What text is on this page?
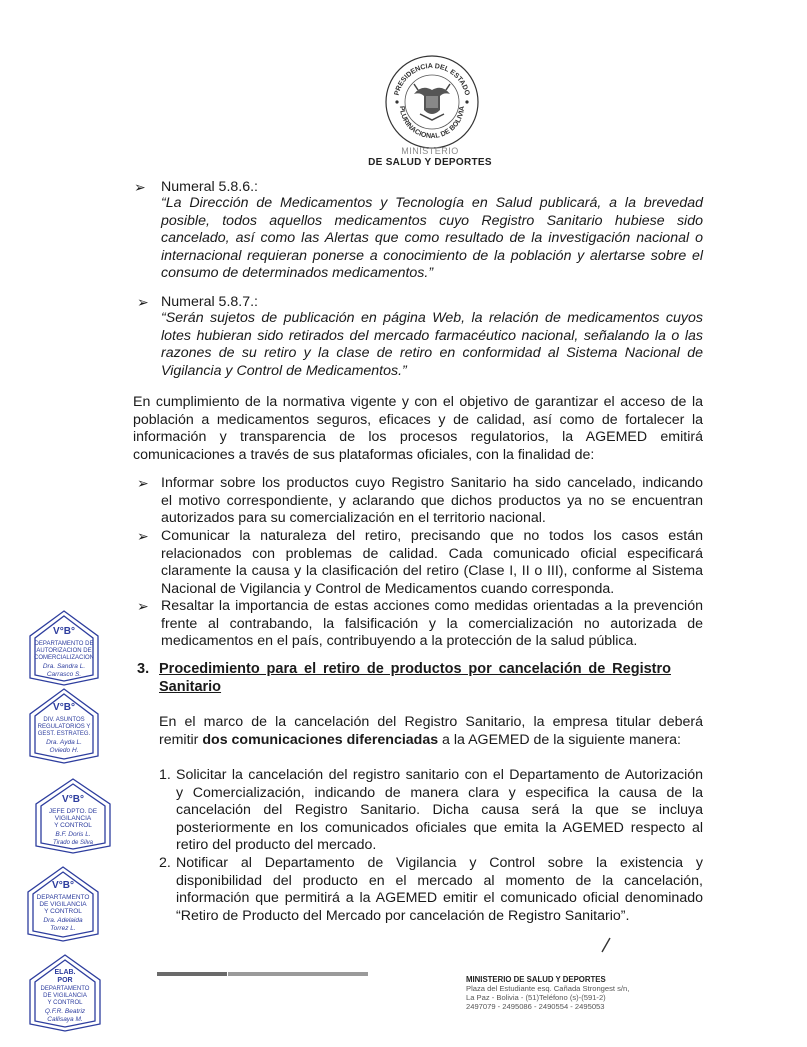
PRESIDENCIA DEL ESTADO
PLURINACIONAL DE BOLIVIA
MINISTERIO
DE SALUD Y DEPORTES
➢ Numeral 5.8.6.:
“La Dirección de Medicamentos y Tecnología en Salud publicará, a la brevedad
posible, todos aquellos medicamentos cuyo Registro Sanitario hubiese sido
cancelado, así como las Alertas que como resultado de la investigación nacional o
internacional requieran ponerse a conocimiento de la población y alertarse sobre el
consumo de determinados medicamentos.”
➢ Numeral 5.8.7.:
“Serán sujetos de publicación en página Web, la relación de medicamentos cuyos
lotes hubieran sido retirados del mercado farmacéutico nacional, señalando la o las
razones de su retiro y la clase de retiro en conformidad al Sistema Nacional de
Vigilancia y Control de Medicamentos.”
En cumplimiento de la normativa vigente y con el objetivo de garantizar el acceso de la
población a medicamentos seguros, eficaces y de calidad, así como de fortalecer la
información y transparencia de los procesos regulatorios, la AGEMED emitirá
comunicaciones a través de sus plataformas oficiales, con la finalidad de:
➢ Informar sobre los productos cuyo Registro Sanitario ha sido cancelado, indicando
el motivo correspondiente, y aclarando que dichos productos ya no se encuentran
autorizados para su comercialización en el territorio nacional.
➢ Comunicar la naturaleza del retiro, precisando que no todos los casos están
relacionados con problemas de calidad. Cada comunicado oficial especificará
claramente la causa y la clasificación del retiro (Clase I, II o III), conforme al Sistema
Nacional de Vigilancia y Control de Medicamentos cuando corresponda.
➢ Resaltar la importancia de estas acciones como medidas orientadas a la prevención
frente al contrabando, la falsificación y la comercialización no autorizada de
medicamentos en el país, contribuyendo a la protección de la salud pública.
3. Procedimiento para el retiro de productos por cancelación de Registro Sanitario
En el marco de la cancelación del Registro Sanitario, la empresa titular deberá
remitir dos comunicaciones diferenciadas a la AGEMED de la siguiente manera:
1. Solicitar la cancelación del registro sanitario con el Departamento de Autorización
y Comercialización, indicando de manera clara y especifica la causa de la
cancelación del Registro Sanitario. Dicha causa será la que se incluya
posteriormente en los comunicados oficiales que emita la AGEMED respecto al
retiro del producto del mercado.
2. Notificar al Departamento de Vigilancia y Control sobre la existencia y
disponibilidad del producto en el mercado al momento de la cancelación,
información que permitirá a la AGEMED emitir el comunicado oficial denominado
“Retiro de Producto del Mercado por cancelación de Registro Sanitario”.
V°B°
DEPARTAMENTO DE
AUTORIZACION DE
COMERCIALIZACION
Dra. Sandra L.
Carrasco S.
V°B°
DIV. ASUNTOS
REGULATORIOS Y
GEST. ESTRATEG.
Dra. Ayda L.
Oviedo H.
V°B°
JEFE DPTO. DE
VIGILANCIA
Y CONTROL
B.F. Doris L.
Tirado de Silva
V°B°
DEPARTAMENTO
DE VIGILANCIA
Y CONTROL
Dra. Adelaida
Torrez L.
ELAB.
POR
DEPARTAMENTO
DE VIGILANCIA
Y CONTROL
Q.F.R. Beatriz
Callisaya M.
MINISTERIO DE SALUD Y DEPORTES
Plaza del Estudiante esq. Cañada Strongest s/n,
La Paz - Bolivia - (51)Teléfono (s)-(591-2)
2497079 - 2495086 - 2490554 - 2495053
